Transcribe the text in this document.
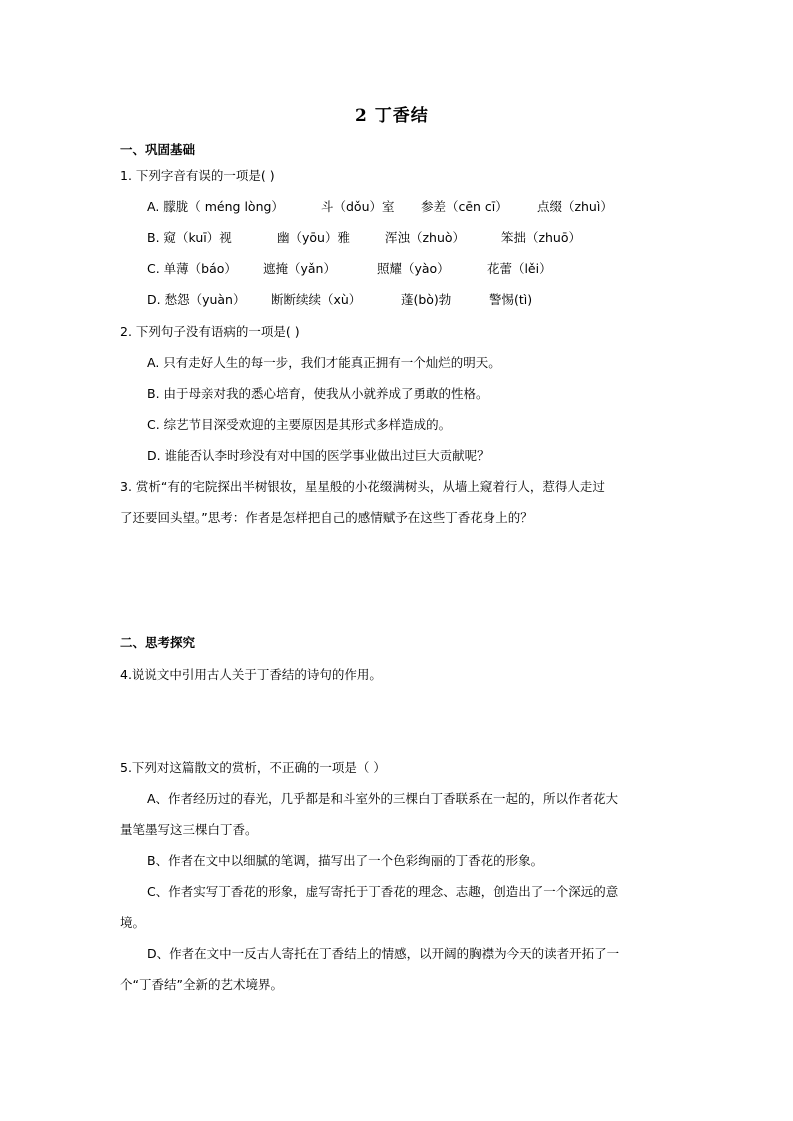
2 丁香结
一、巩固基础
1. 下列字音有误的一项是( )
A. 朦胧（ méng lòng）	斗（dǒu）室 参差（cēn cī） 点缀（zhuì）
B. 窥（kuī）视	幽（yōu）雅	浑浊（zhuò）	笨拙（zhuō）
C. 单薄（báo） 遮掩（yǎn）	照耀（yào）	花蕾（lěi）
D. 愁怨（yuàn） 断断续续（xù）	蓬(bò)勃	警惕(tì)
2. 下列句子没有语病的一项是( )
A. 只有走好人生的每一步，我们才能真正拥有一个灿烂的明天。
B. 由于母亲对我的悉心培育，使我从小就养成了勇敢的性格。
C. 综艺节目深受欢迎的主要原因是其形式多样造成的。
D. 谁能否认李时珍没有对中国的医学事业做出过巨大贡献呢？
3. 赏析“有的宅院探出半树银妆，星星般的小花缀满树头，从墙上窥着行人，惹得人走过
了还要回头望。”思考：作者是怎样把自己的感情赋予在这些丁香花身上的？
二、思考探究
4.说说文中引用古人关于丁香结的诗句的作用。
5.下列对这篇散文的赏析，不正确的一项是（ ）
A、作者经历过的春光，几乎都是和斗室外的三棵白丁香联系在一起的，所以作者花大
量笔墨写这三棵白丁香。
B、作者在文中以细腻的笔调，描写出了一个色彩绚丽的丁香花的形象。
C、作者实写丁香花的形象，虚写寄托于丁香花的理念、志趣，创造出了一个深远的意
境。
D、作者在文中一反古人寄托在丁香结上的情感，以开阔的胸襟为今天的读者开拓了一
个“丁香结”全新的艺术境界。
